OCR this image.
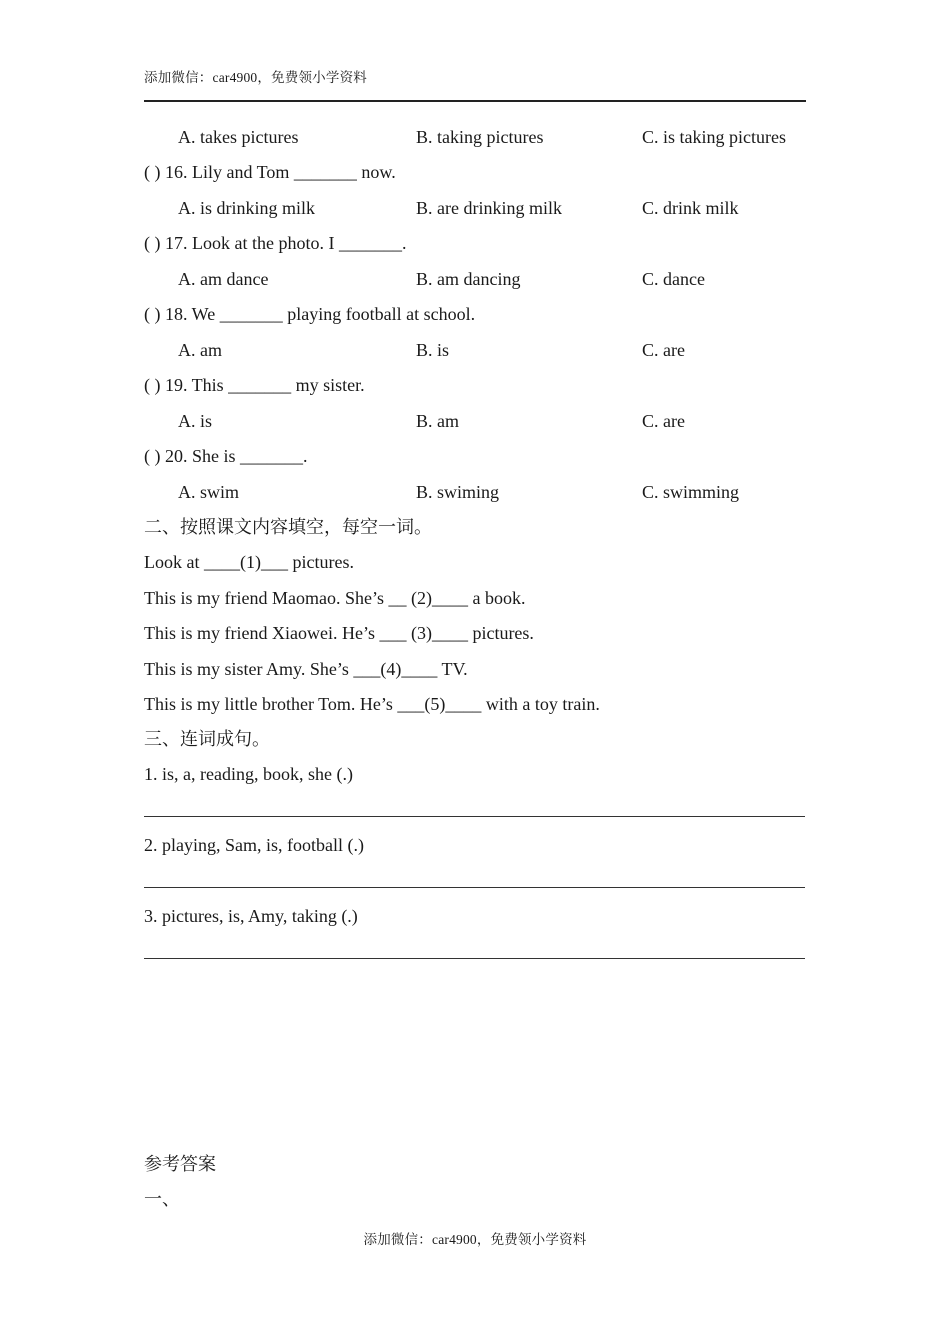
添加微信：car4900，免费领小学资料
A. takes pictures	B. taking pictures	C. is taking pictures
( ) 16. Lily and Tom _______ now.
A. is drinking milk	B. are drinking milk	C. drink milk
( ) 17. Look at the photo. I _______.
A. am dance	B. am dancing	C. dance
( ) 18. We _______ playing football at school.
A. am	B. is	C. are
( ) 19. This _______ my sister.
A. is	B. am	C. are
( ) 20. She is _______.
A. swim	B. swiming	C. swimming
二、按照课文内容填空，每空一词。
Look at ____(1)___ pictures.
This is my friend Maomao. She’s __ (2)____ a book.
This is my friend Xiaowei. He’s ___ (3)____ pictures.
This is my sister Amy. She’s ___(4)____ TV.
This is my little brother Tom. He’s ___(5)____ with a toy train.
三、连词成句。
1. is, a, reading, book, she (.)
2. playing, Sam, is, football (.)
3. pictures, is, Amy, taking (.)
参考答案
一、
添加微信：car4900，免费领小学资料
